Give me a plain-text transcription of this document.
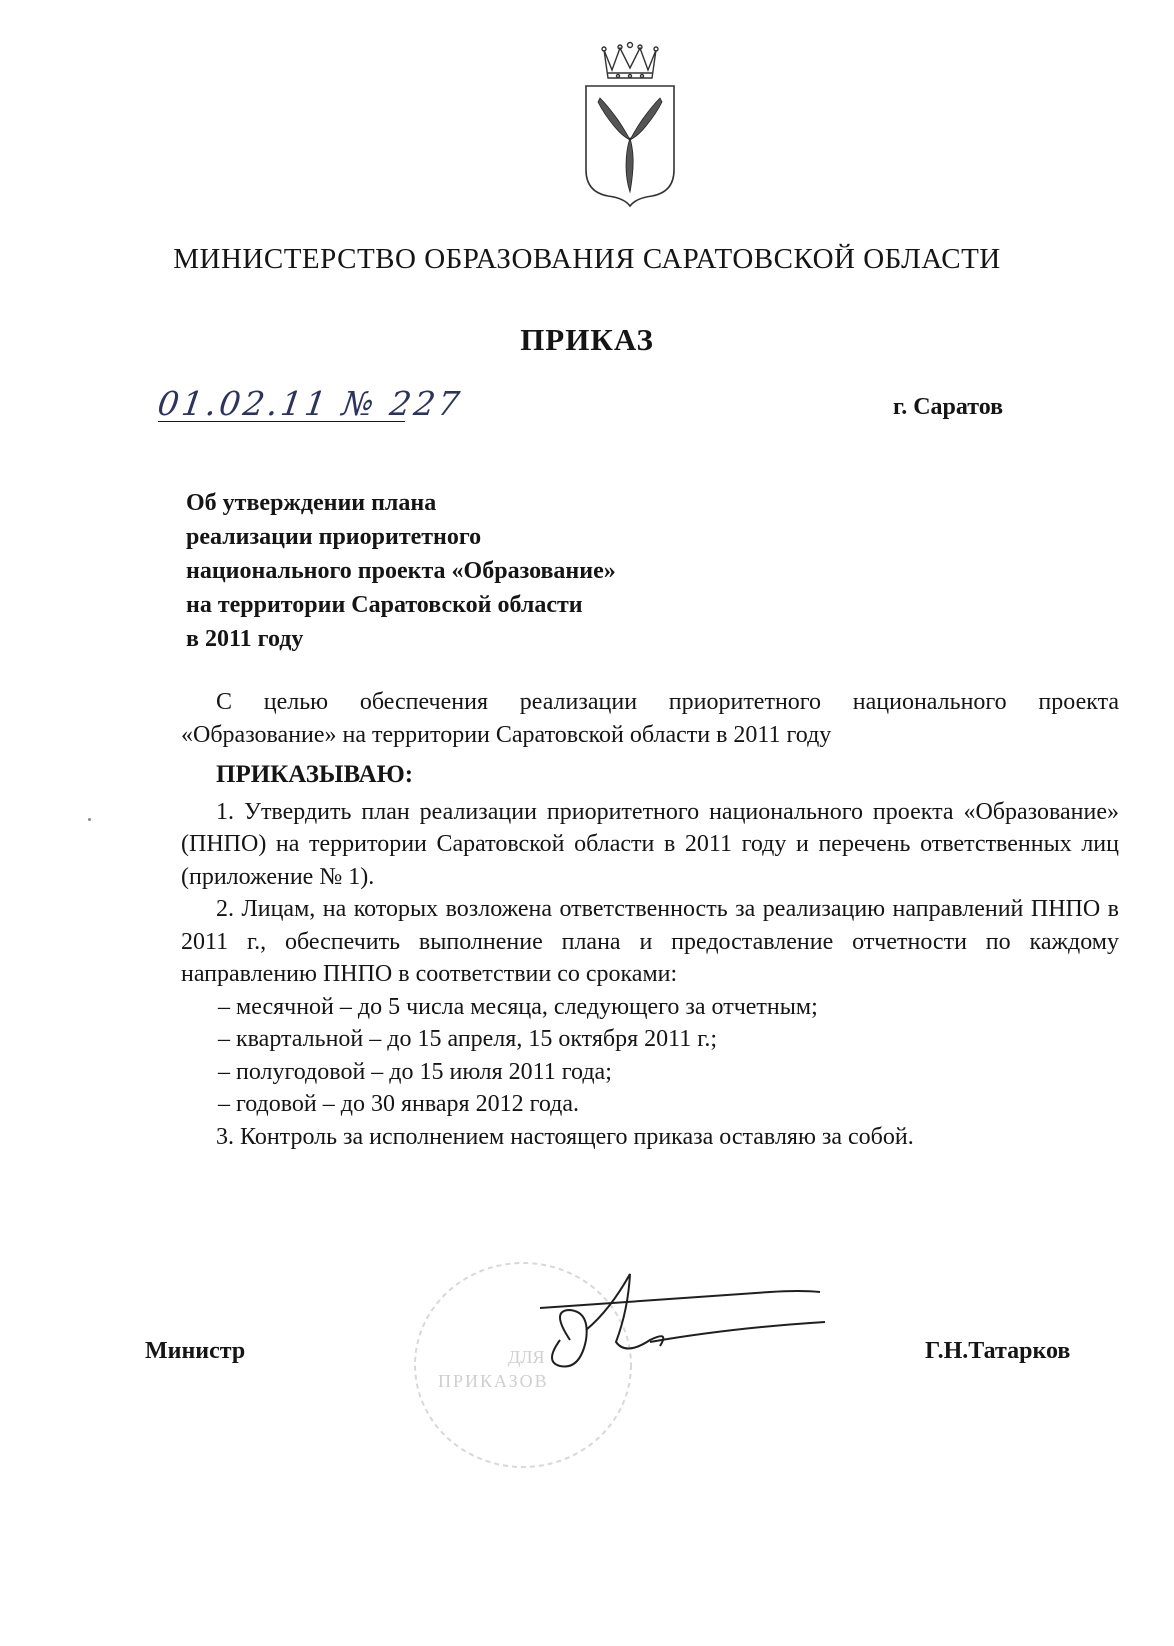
МИНИСТЕРСТВО ОБРАЗОВАНИЯ САРАТОВСКОЙ ОБЛАСТИ
ПРИКАЗ
01.02.11 № 227	г. Саратов
Об утверждении плана
реализации приоритетного
национального проекта «Образование»
на территории Саратовской области
в 2011 году

С целью обеспечения реализации приоритетного национального проекта «Образование» на территории Саратовской области в 2011 году

ПРИКАЗЫВАЮ:

1. Утвердить план реализации приоритетного национального проекта «Образование» (ПНПО) на территории Саратовской области в 2011 году и перечень ответственных лиц (приложение № 1).

2. Лицам, на которых возложена ответственность за реализацию направлений ПНПО в 2011 г., обеспечить выполнение плана и предоставление отчетности по каждому направлению ПНПО в соответствии со сроками:

– месячной – до 5 числа месяца, следующего за отчетным;

– квартальной – до 15 апреля, 15 октября 2011 г.;

– полугодовой – до 15 июля 2011 года;

– годовой – до 30 января 2012 года.

3. Контроль за исполнением настоящего приказа оставляю за собой.

ДЛЯ
ПРИКАЗОВ
Министр	Г.Н.Татарков
